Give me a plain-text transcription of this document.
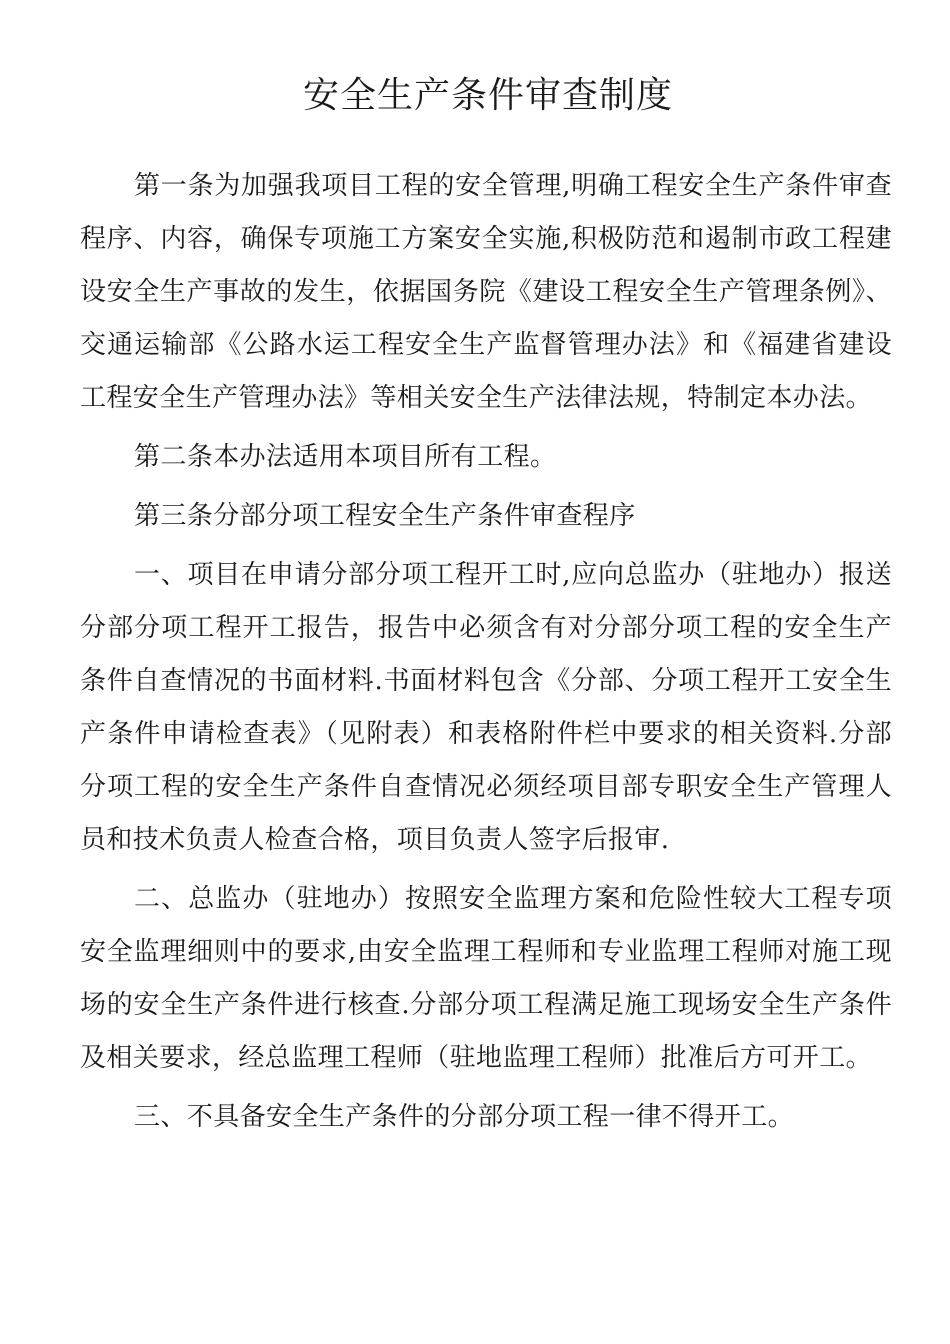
安全生产条件审查制度

第一条为加强我项目工程的安全管理,明确工程安全生产条件审查程序、内容，确保专项施工方案安全实施,积极防范和遏制市政工程建设安全生产事故的发生，依据国务院《建设工程安全生产管理条例》、交通运输部《公路水运工程安全生产监督管理办法》和《福建省建设工程安全生产管理办法》等相关安全生产法律法规，特制定本办法。

第二条本办法适用本项目所有工程。

第三条分部分项工程安全生产条件审查程序

一、项目在申请分部分项工程开工时,应向总监办（驻地办）报送分部分项工程开工报告，报告中必须含有对分部分项工程的安全生产条件自查情况的书面材料.书面材料包含《分部、分项工程开工安全生产条件申请检查表》（见附表）和表格附件栏中要求的相关资料.分部分项工程的安全生产条件自查情况必须经项目部专职安全生产管理人员和技术负责人检查合格，项目负责人签字后报审.

二、总监办（驻地办）按照安全监理方案和危险性较大工程专项安全监理细则中的要求,由安全监理工程师和专业监理工程师对施工现场的安全生产条件进行核查.分部分项工程满足施工现场安全生产条件及相关要求，经总监理工程师（驻地监理工程师）批准后方可开工。

三、不具备安全生产条件的分部分项工程一律不得开工。
